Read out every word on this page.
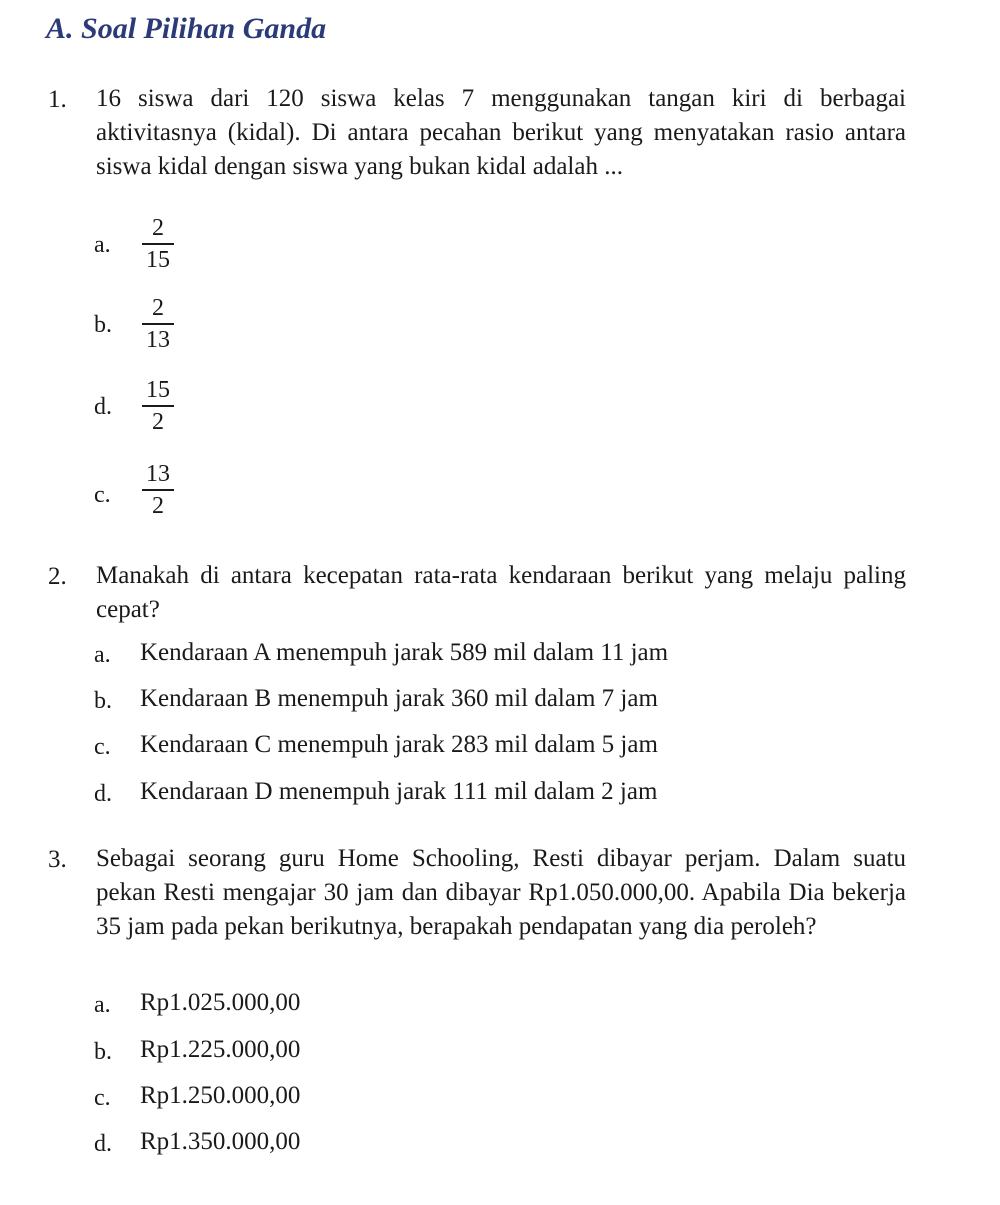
A. Soal Pilihan Ganda
1. 16 siswa dari 120 siswa kelas 7 menggunakan tangan kiri di berbagai aktivitasnya (kidal). Di antara pecahan berikut yang menyatakan rasio antara siswa kidal dengan siswa yang bukan kidal adalah ...
a. $\frac{2}{15}$
b. $\frac{2}{13}$
d. $\frac{15}{2}$
c. $\frac{13}{2}$
2. Manakah di antara kecepatan rata-rata kendaraan berikut yang melaju paling cepat?
a. Kendaraan A menempuh jarak 589 mil dalam 11 jam
b. Kendaraan B menempuh jarak 360 mil dalam 7 jam
c. Kendaraan C menempuh jarak 283 mil dalam 5 jam
d. Kendaraan D menempuh jarak 111 mil dalam 2 jam
3. Sebagai seorang guru Home Schooling, Resti dibayar perjam. Dalam suatu pekan Resti mengajar 30 jam dan dibayar Rp1.050.000,00. Apabila Dia bekerja 35 jam pada pekan berikutnya, berapakah pendapatan yang dia peroleh?
a. Rp1.025.000,00
b. Rp1.225.000,00
c. Rp1.250.000,00
d. Rp1.350.000,00
